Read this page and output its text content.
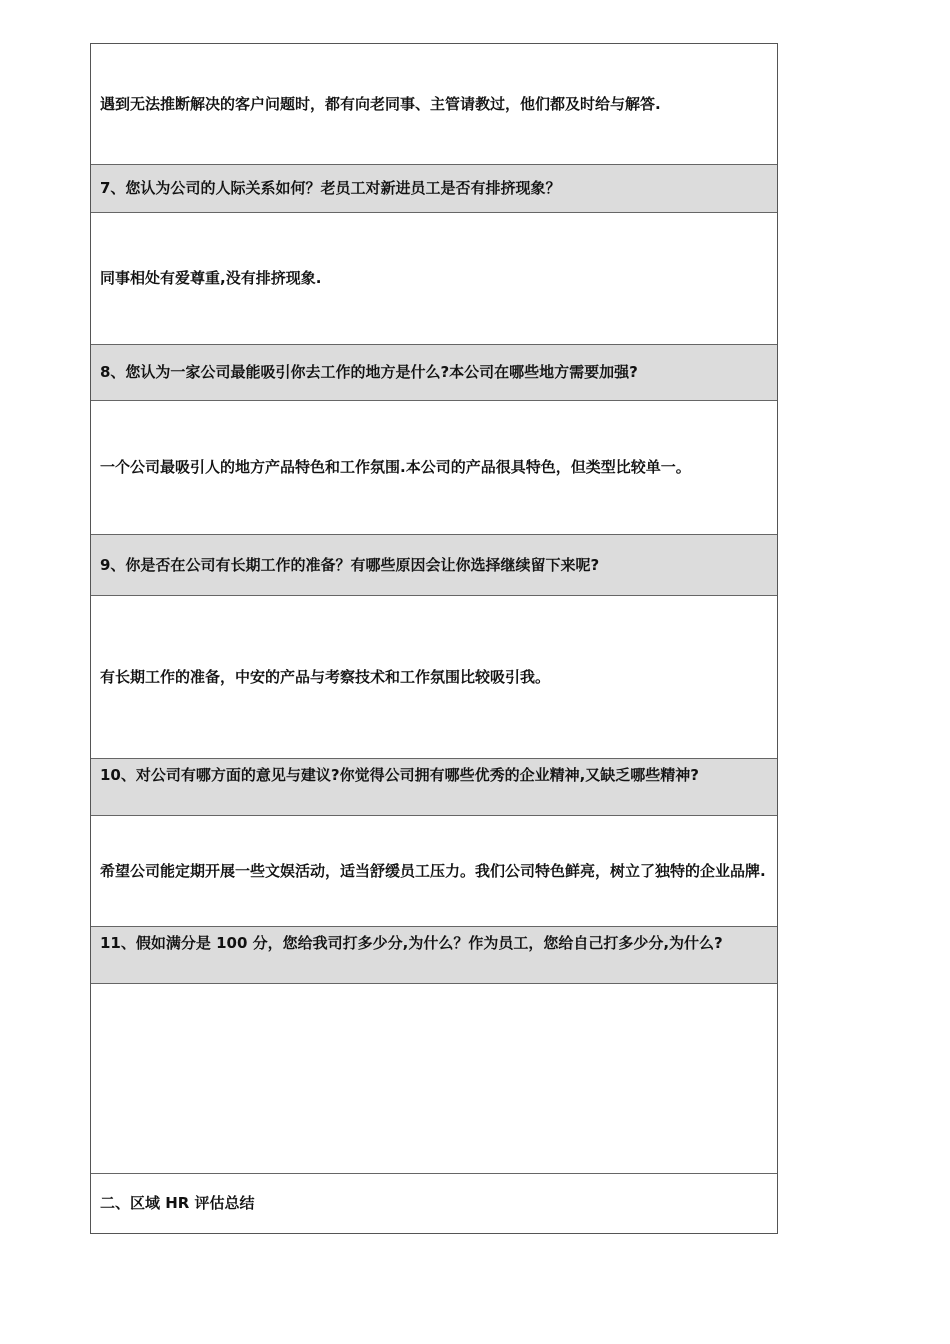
遇到无法推断解决的客户问题时，都有向老同事、主管请教过，他们都及时给与解答.
7、您认为公司的人际关系如何？老员工对新进员工是否有排挤现象？
同事相处有爱尊重,没有排挤现象.
8、您认为一家公司最能吸引你去工作的地方是什么?本公司在哪些地方需要加强?
一个公司最吸引人的地方产品特色和工作氛围.本公司的产品很具特色，但类型比较单一。
9、你是否在公司有长期工作的准备？有哪些原因会让你选择继续留下来呢?
有长期工作的准备，中安的产品与考察技术和工作氛围比较吸引我。
10、对公司有哪方面的意见与建议?你觉得公司拥有哪些优秀的企业精神,又缺乏哪些精神?
希望公司能定期开展一些文娱活动，适当舒缓员工压力。我们公司特色鲜亮，树立了独特的企业品牌.
11、假如满分是 100 分，您给我司打多少分,为什么？作为员工，您给自己打多少分,为什么?
二、区域 HR 评估总结
